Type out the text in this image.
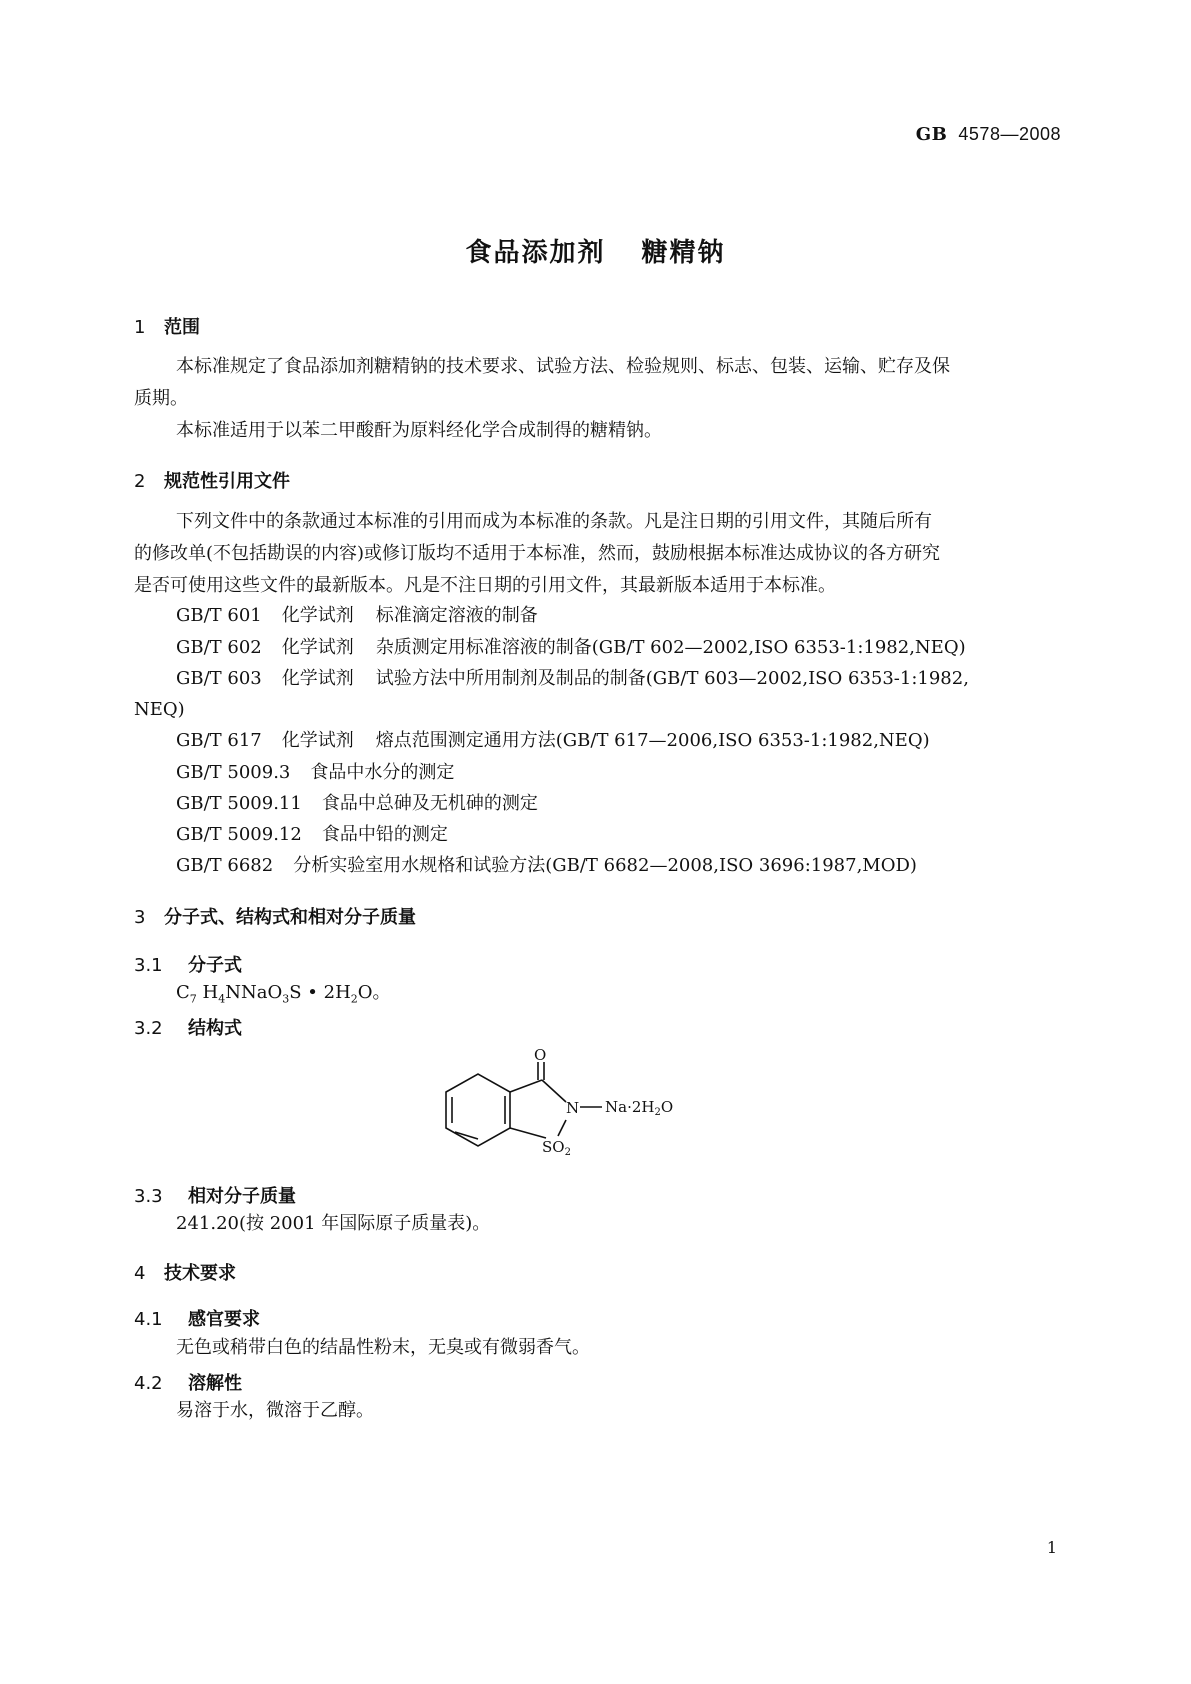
GB 4578—2008
食品添加剂 糖精钠
1 范围
本标准规定了食品添加剂糖精钠的技术要求、试验方法、检验规则、标志、包装、运输、贮存及保
质期。
本标准适用于以苯二甲酸酐为原料经化学合成制得的糖精钠。
2 规范性引用文件
下列文件中的条款通过本标准的引用而成为本标准的条款。凡是注日期的引用文件，其随后所有
的修改单(不包括勘误的内容)或修订版均不适用于本标准，然而，鼓励根据本标准达成协议的各方研究
是否可使用这些文件的最新版本。凡是不注日期的引用文件，其最新版本适用于本标准。
GB/T 601 化学试剂 标准滴定溶液的制备
GB/T 602 化学试剂 杂质测定用标准溶液的制备(GB/T 602—2002,ISO 6353-1:1982,NEQ)
GB/T 603 化学试剂 试验方法中所用制剂及制品的制备(GB/T 603—2002,ISO 6353-1:1982,
NEQ)
GB/T 617 化学试剂 熔点范围测定通用方法(GB/T 617—2006,ISO 6353-1:1982,NEQ)
GB/T 5009.3 食品中水分的测定
GB/T 5009.11 食品中总砷及无机砷的测定
GB/T 5009.12 食品中铅的测定
GB/T 6682 分析实验室用水规格和试验方法(GB/T 6682—2008,ISO 3696:1987,MOD)
3 分子式、结构式和相对分子质量
3.1 分子式
$C_7$ $H_4NNaO_3S$ • $2H_2O$。
3.2 结构式
O
N $Na\cdot 2H_2O$
$SO_2$
3.3 相对分子质量
241.20(按 2001 年国际原子质量表)。
4 技术要求
4.1 感官要求
无色或稍带白色的结晶性粉末，无臭或有微弱香气。
4.2 溶解性
易溶于水，微溶于乙醇。
1
